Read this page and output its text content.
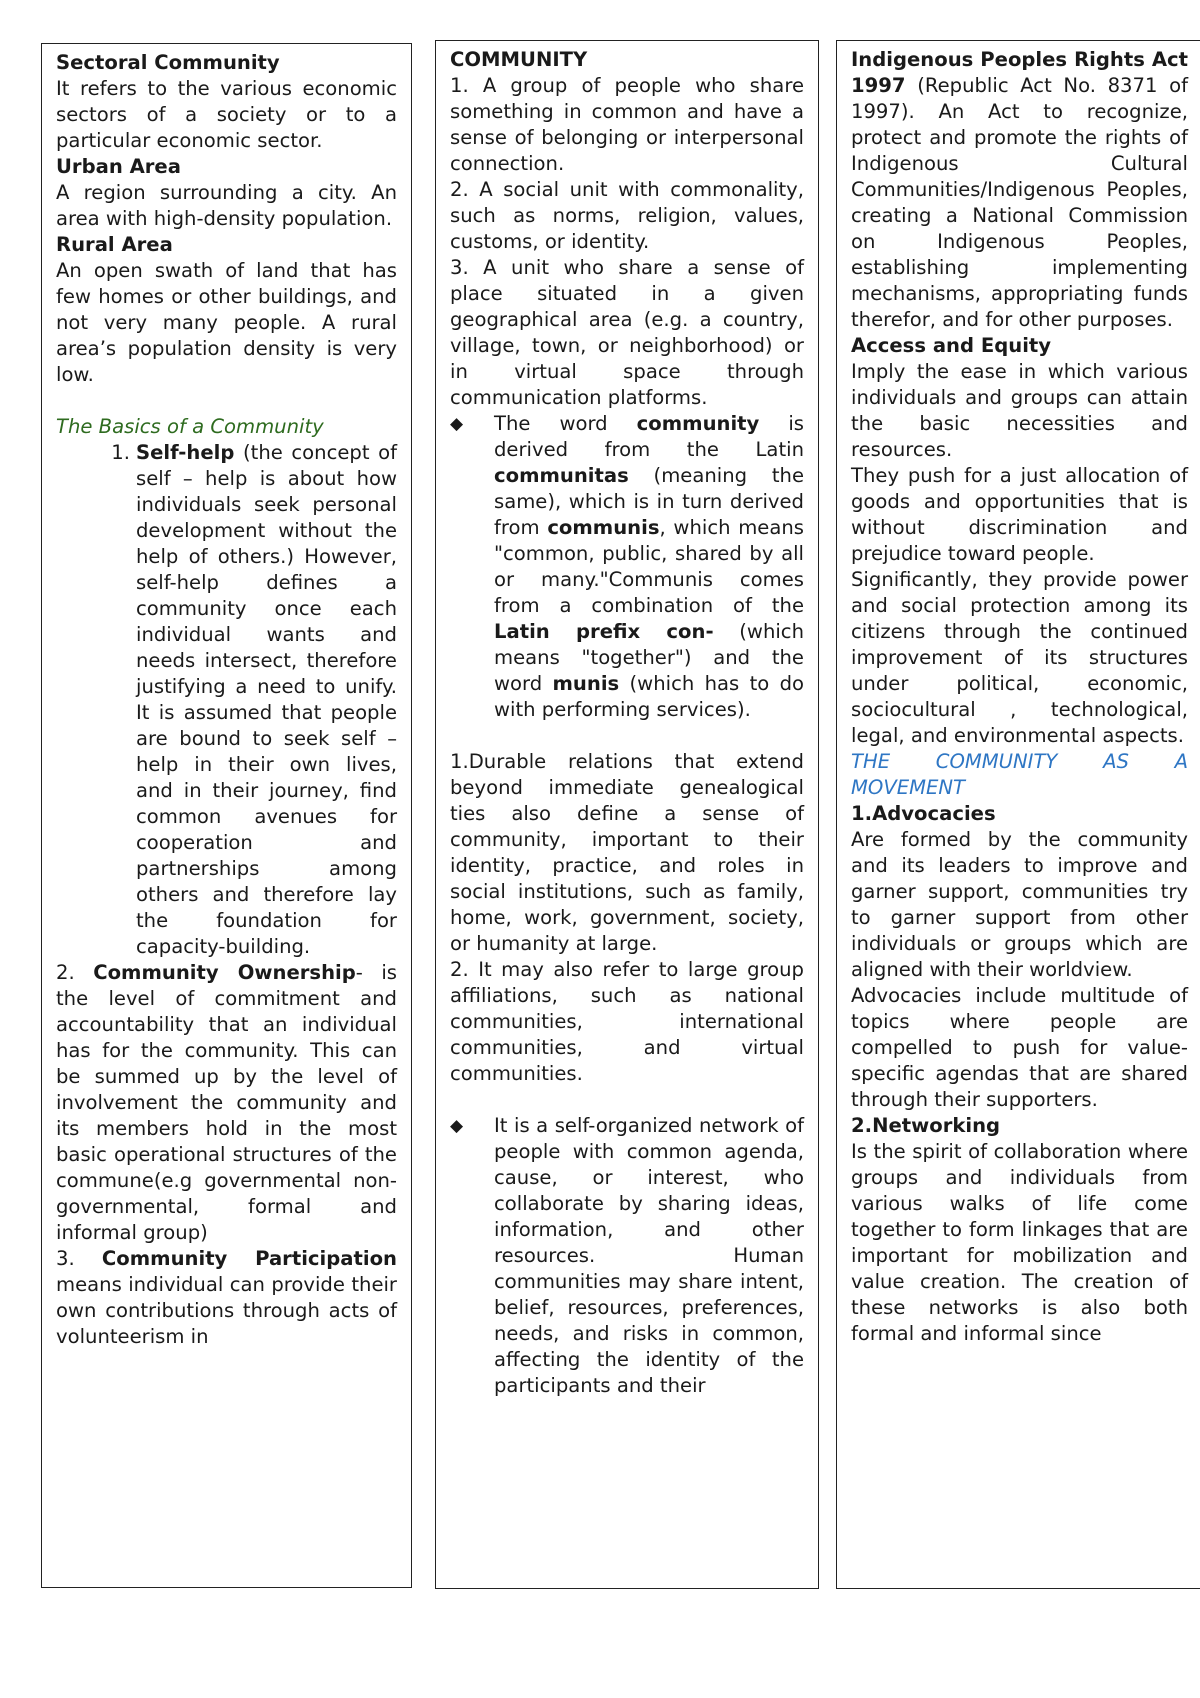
Sectoral Community

It refers to the various economic sectors of a society or to a particular economic sector.

Urban Area

A region surrounding a city. An area with high-density population.

Rural Area

An open swath of land that has few homes or other buildings, and not very many people. A rural area’s population density is very low.

The Basics of a Community

1. Self-help (the concept of self – help is about how individuals seek personal development without the help of others.) However, self-help defines a community once each individual wants and needs intersect, therefore justifying a need to unify. It is assumed that people are bound to seek self –help in their own lives, and in their journey, find common avenues for cooperation and partnerships among others and therefore lay the foundation for capacity-building.

2. Community Ownership- is the level of commitment and accountability that an individual has for the community. This can be summed up by the level of involvement the community and its members hold in the most basic operational structures of the commune(e.g governmental non-governmental, formal and informal group)

3. Community Participation means individual can provide their own contributions through acts of volunteerism in

COMMUNITY

1. A group of people who share something in common and have a sense of belonging or interpersonal connection.

2. A social unit with commonality, such as norms, religion, values, customs, or identity.

3. A unit who share a sense of place situated in a given geographical area (e.g. a country, village, town, or neighborhood) or in virtual space through communication platforms.

◆	The word community is derived from the Latin communitas (meaning the same), which is in turn derived from communis, which means "common, public, shared by all or many."Communis comes from a combination of the Latin prefix con- (which means "together") and the word munis (which has to do with performing services).

1.Durable relations that extend beyond immediate genealogical ties also define a sense of community, important to their identity, practice, and roles in social institutions, such as family, home, work, government, society, or humanity at large.

2. It may also refer to large group affiliations, such as national communities, international communities, and virtual communities.

◆	It is a self-organized network of people with common agenda, cause, or interest, who collaborate by sharing ideas, information, and other resources. Human communities may share intent, belief, resources, preferences, needs, and risks in common, affecting the identity of the participants and their

Indigenous Peoples Rights Act 1997 (Republic Act No. 8371 of 1997). An Act to recognize, protect and promote the rights of Indigenous Cultural Communities/Indigenous Peoples, creating a National Commission on Indigenous Peoples, establishing implementing mechanisms, appropriating funds therefor, and for other purposes.

Access and Equity

Imply the ease in which various individuals and groups can attain the basic necessities and resources.

They push for a just allocation of goods and opportunities that is without discrimination and prejudice toward people.

Significantly, they provide power and social protection among its citizens through the continued improvement of its structures under political, economic, sociocultural , technological, legal, and environmental aspects.

THE COMMUNITY AS A MOVEMENT

1.Advocacies

Are formed by the community and its leaders to improve and garner support, communities try to garner support from other individuals or groups which are aligned with their worldview.

Advocacies include multitude of topics where people are compelled to push for value-specific agendas that are shared through their supporters.

2.Networking

Is the spirit of collaboration where groups and individuals from various walks of life come together to form linkages that are important for mobilization and value creation. The creation of these networks is also both formal and informal since
